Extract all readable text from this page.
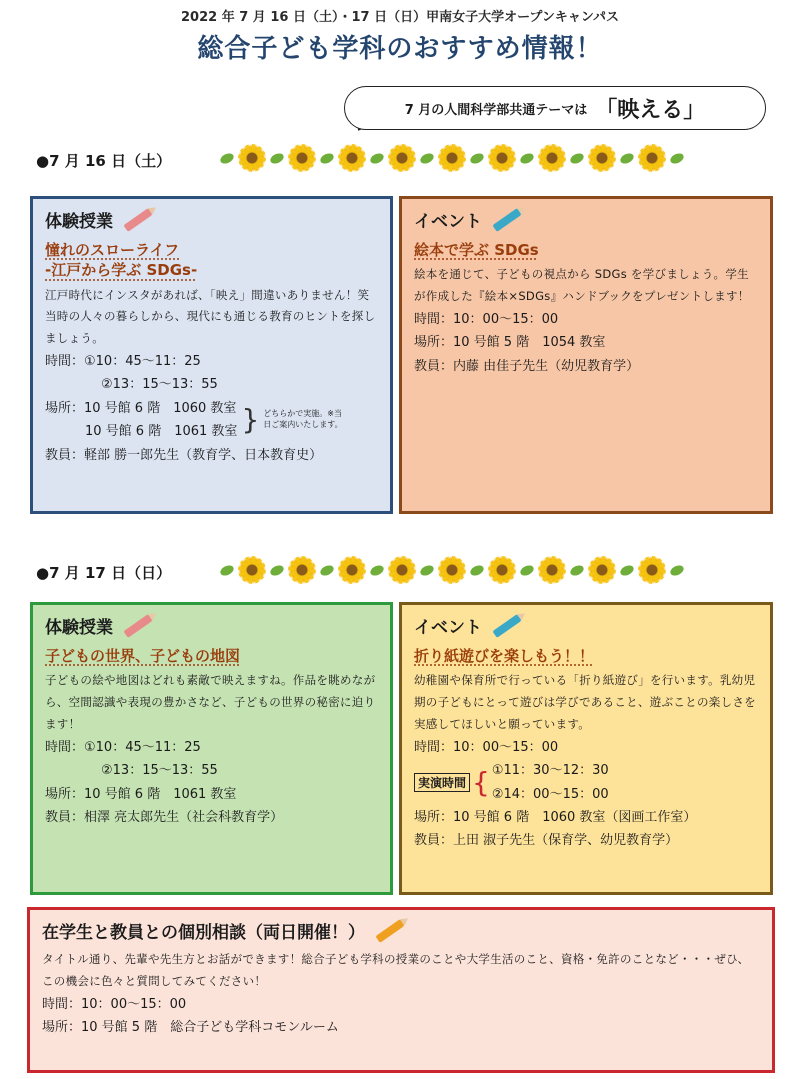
2022 年 7 月 16 日（土）・17 日（日）甲南女子大学オープンキャンパス
総合子ども学科のおすすめ情報！
7 月の人間科学部共通テーマは 「映える」
●7 月 16 日（土）
体験授業
憧れのスローライフ
-江戸から学ぶ SDGs-

江戸時代にインスタがあれば、「映え」間違いありません！笑　当時の人々の暮らしから、現代にも通じる教育のヒントを探しましょう。

時間：①10：45～11：25

②13：15～13：55

場所：10 号館 6 階　1060 教室

10 号館 6 階　1061 教室 } どちらかで実施。※当日ご案内いたします。

教員：軽部 勝一郎先生（教育学、日本教育史）

イベント
絵本で学ぶ SDGs

絵本を通じて、子どもの視点から SDGs を学びましょう。学生が作成した『絵本×SDGs』ハンドブックをプレゼントします！

時間：10：00～15：00

場所：10 号館 5 階　1054 教室

教員：内藤 由佳子先生（幼児教育学）

●7 月 17 日（日）
体験授業
子どもの世界、子どもの地図

子どもの絵や地図はどれも素敵で映えますね。作品を眺めながら、空間認識や表現の豊かさなど、子どもの世界の秘密に迫ります！

時間：①10：45～11：25

②13：15～13：55

場所：10 号館 6 階　1061 教室

教員：相澤 亮太郎先生（社会科教育学）

イベント
折り紙遊びを楽しもう！！

幼稚園や保育所で行っている「折り紙遊び」を行います。乳幼児期の子どもにとって遊びは学びであること、遊ぶことの楽しさを実感してほしいと願っています。

時間：10：00～15：00

実演時間 { ①11：30～12：30

②14：00～15：00

場所：10 号館 6 階　1060 教室（図画工作室）

教員：上田 淑子先生（保育学、幼児教育学）

在学生と教員との個別相談（両日開催！）

タイトル通り、先輩や先生方とお話ができます！総合子ども学科の授業のことや大学生活のこと、資格・免許のことなど・・・ぜひ、この機会に色々と質問してみてください！

時間：10：00～15：00

場所：10 号館 5 階　総合子ども学科コモンルーム
